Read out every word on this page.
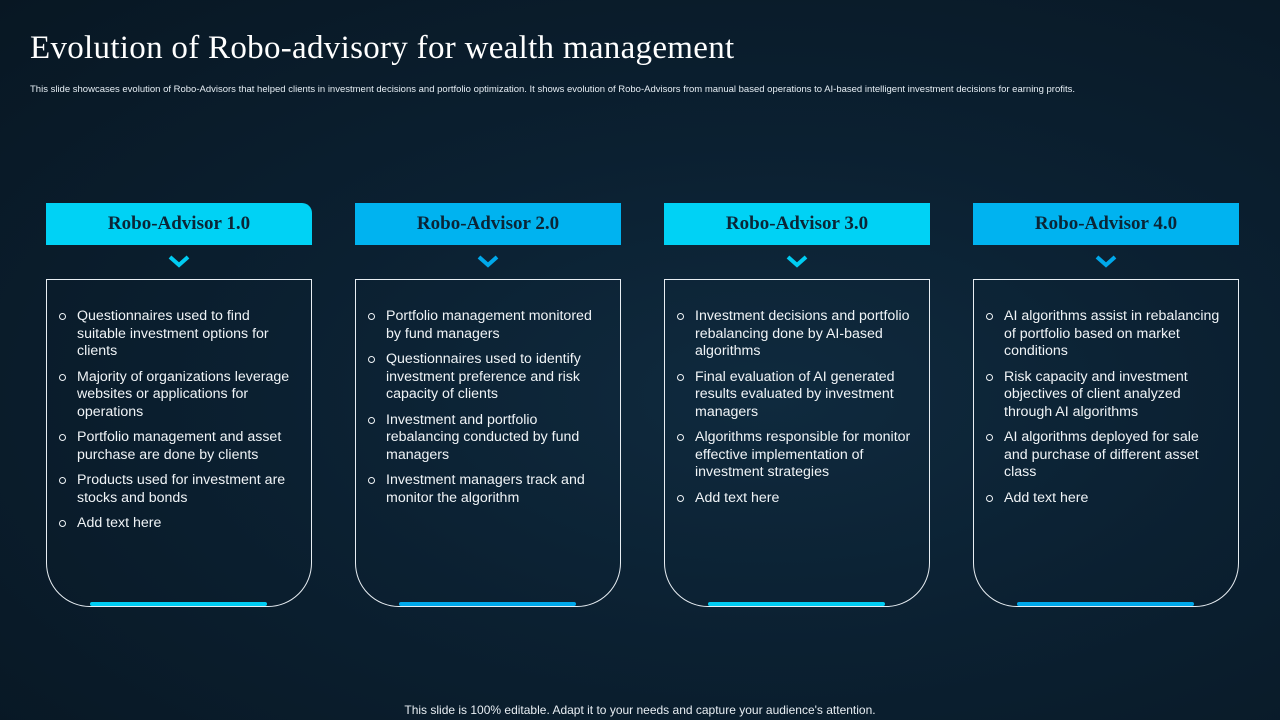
Evolution of Robo-advisory for wealth management

This slide showcases evolution of Robo-Advisors that helped clients in investment decisions and portfolio optimization. It shows evolution of Robo-Advisors from manual based operations to AI-based intelligent investment decisions for earning profits.

Robo-Advisor 1.0
Questionnaires used to find suitable investment options for clients
Majority of organizations leverage websites or applications for operations
Portfolio management and asset purchase are done by clients
Products used for investment are stocks and bonds
Add text here
Robo-Advisor 2.0
Portfolio management monitored by fund managers
Questionnaires used to identify investment preference and risk capacity of clients
Investment and portfolio rebalancing conducted by fund managers
Investment managers track and monitor the algorithm
Robo-Advisor 3.0
Investment decisions and portfolio rebalancing done by AI-based algorithms
Final evaluation of AI generated results evaluated by investment managers
Algorithms responsible for monitor effective implementation of investment strategies
Add text here
Robo-Advisor 4.0
AI algorithms assist in rebalancing of portfolio based on market conditions
Risk capacity and investment objectives of client analyzed through AI algorithms
AI algorithms deployed for sale and purchase of different asset class
Add text here
This slide is 100% editable. Adapt it to your needs and capture your audience's attention.
